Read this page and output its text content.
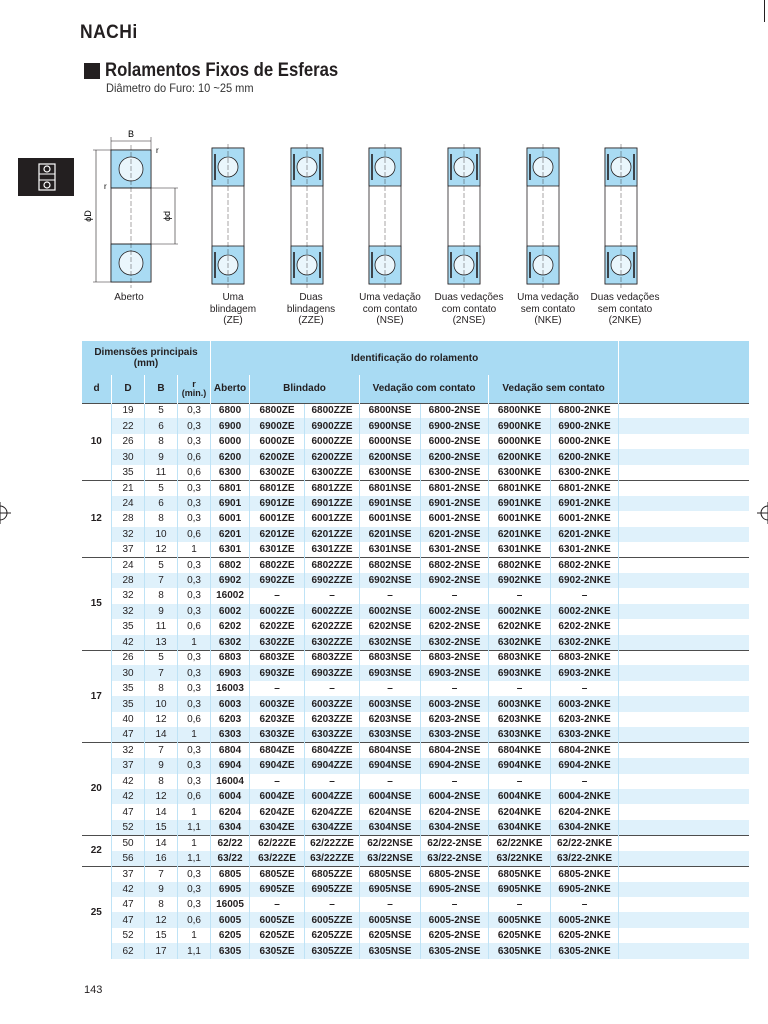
NACHi
Rolamentos Fixos de Esferas
Diâmetro do Furo: 10 ~25 mm
B
r
r
ϕD	ϕd
Aberto	Uma
blindagem
(ZE)
Duas
blindagens
(ZZE)
Uma vedação
com contato
(NSE)
Duas vedações
com contato
(2NSE)
Uma vedação
sem contato
(NKE)
Duas vedações
sem contato
(2NKE)
Dimensões principais (mm)				Identificação do rolamento							
d	D	B	r
(min.)	Aberto	Blindado		Vedação com contato		Vedação sem contato		
10	19	5	0,3	6800	6800ZE	6800ZZE	6800NSE	6800-2NSE	6800NKE	6800-2NKE	
	22	6	0,3	6900	6900ZE	6900ZZE	6900NSE	6900-2NSE	6900NKE	6900-2NKE	
	26	8	0,3	6000	6000ZE	6000ZZE	6000NSE	6000-2NSE	6000NKE	6000-2NKE	
	30	9	0,6	6200	6200ZE	6200ZZE	6200NSE	6200-2NSE	6200NKE	6200-2NKE	
	35	11	0,6	6300	6300ZE	6300ZZE	6300NSE	6300-2NSE	6300NKE	6300-2NKE	
12	21	5	0,3	6801	6801ZE	6801ZZE	6801NSE	6801-2NSE	6801NKE	6801-2NKE	
	24	6	0,3	6901	6901ZE	6901ZZE	6901NSE	6901-2NSE	6901NKE	6901-2NKE	
	28	8	0,3	6001	6001ZE	6001ZZE	6001NSE	6001-2NSE	6001NKE	6001-2NKE	
	32	10	0,6	6201	6201ZE	6201ZZE	6201NSE	6201-2NSE	6201NKE	6201-2NKE	
	37	12	1	6301	6301ZE	6301ZZE	6301NSE	6301-2NSE	6301NKE	6301-2NKE	
15	24	5	0,3	6802	6802ZE	6802ZZE	6802NSE	6802-2NSE	6802NKE	6802-2NKE	
	28	7	0,3	6902	6902ZE	6902ZZE	6902NSE	6902-2NSE	6902NKE	6902-2NKE	
	32	8	0,3	16002	–	–	–	–	–	–	
	32	9	0,3	6002	6002ZE	6002ZZE	6002NSE	6002-2NSE	6002NKE	6002-2NKE	
	35	11	0,6	6202	6202ZE	6202ZZE	6202NSE	6202-2NSE	6202NKE	6202-2NKE	
	42	13	1	6302	6302ZE	6302ZZE	6302NSE	6302-2NSE	6302NKE	6302-2NKE	
17	26	5	0,3	6803	6803ZE	6803ZZE	6803NSE	6803-2NSE	6803NKE	6803-2NKE	
	30	7	0,3	6903	6903ZE	6903ZZE	6903NSE	6903-2NSE	6903NKE	6903-2NKE	
	35	8	0,3	16003	–	–	–	–	–	–	
	35	10	0,3	6003	6003ZE	6003ZZE	6003NSE	6003-2NSE	6003NKE	6003-2NKE	
	40	12	0,6	6203	6203ZE	6203ZZE	6203NSE	6203-2NSE	6203NKE	6203-2NKE	
	47	14	1	6303	6303ZE	6303ZZE	6303NSE	6303-2NSE	6303NKE	6303-2NKE	
20	32	7	0,3	6804	6804ZE	6804ZZE	6804NSE	6804-2NSE	6804NKE	6804-2NKE	
	37	9	0,3	6904	6904ZE	6904ZZE	6904NSE	6904-2NSE	6904NKE	6904-2NKE	
	42	8	0,3	16004	–	–	–	–	–	–	
	42	12	0,6	6004	6004ZE	6004ZZE	6004NSE	6004-2NSE	6004NKE	6004-2NKE	
	47	14	1	6204	6204ZE	6204ZZE	6204NSE	6204-2NSE	6204NKE	6204-2NKE	
	52	15	1,1	6304	6304ZE	6304ZZE	6304NSE	6304-2NSE	6304NKE	6304-2NKE	
22	50	14	1	62/22	62/22ZE	62/22ZZE	62/22NSE	62/22-2NSE	62/22NKE	62/22-2NKE	
	56	16	1,1	63/22	63/22ZE	63/22ZZE	63/22NSE	63/22-2NSE	63/22NKE	63/22-2NKE	
25	37	7	0,3	6805	6805ZE	6805ZZE	6805NSE	6805-2NSE	6805NKE	6805-2NKE	
	42	9	0,3	6905	6905ZE	6905ZZE	6905NSE	6905-2NSE	6905NKE	6905-2NKE	
	47	8	0,3	16005	–	–	–	–	–	–	
	47	12	0,6	6005	6005ZE	6005ZZE	6005NSE	6005-2NSE	6005NKE	6005-2NKE	
	52	15	1	6205	6205ZE	6205ZZE	6205NSE	6205-2NSE	6205NKE	6205-2NKE	
	62	17	1,1	6305	6305ZE	6305ZZE	6305NSE	6305-2NSE	6305NKE	6305-2NKE	
143
